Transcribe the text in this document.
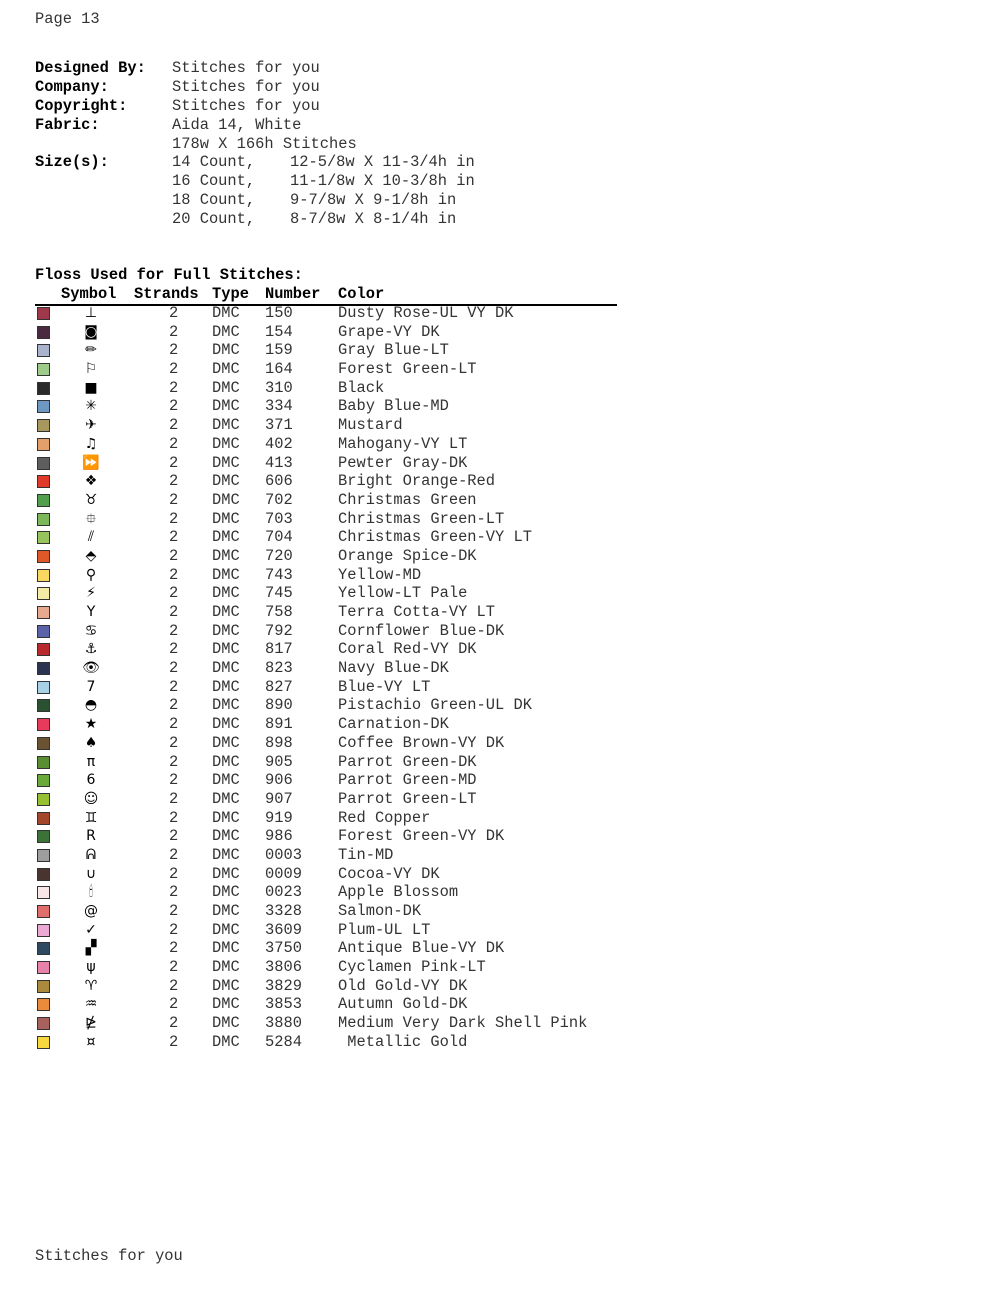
Page 13
Designed By: Stitches for you
Company:	Stitches for you
Copyright:	Stitches for you
Fabric:	Aida 14, White
178w X 166h Stitches
Size(s):	14 Count, 12-5/8w X 11-3/4h in
16 Count, 11-1/8w X 10-3/8h in
18 Count, 9-7/8w X 9-1/8h in
20 Count, 8-7/8w X 8-1/4h in
Floss Used for Full Stitches:
Symbol Strands Type Number Color
⊥	2 DMC 150	Dusty Rose-UL VY DK
◙	2 DMC 154	Grape-VY DK
✏	2 DMC 159	Gray Blue-LT
⚐	2 DMC 164	Forest Green-LT
■	2 DMC 310	Black
✳	2 DMC 334	Baby Blue-MD
✈	2 DMC 371	Mustard
♫	2 DMC 402	Mahogany-VY LT
⏩	2 DMC 413	Pewter Gray-DK
❖	2 DMC 606	Bright Orange-Red
♉	2 DMC 702	Christmas Green
⯐	2 DMC 703	Christmas Green-LT
⫽	2 DMC 704	Christmas Green-VY LT
⬘	2 DMC 720	Orange Spice-DK
⚲	2 DMC 743	Yellow-MD
⚡	2 DMC 745	Yellow-LT Pale
Y	2 DMC 758	Terra Cotta-VY LT
♋	2 DMC 792	Cornflower Blue-DK
⚓	2 DMC 817	Coral Red-VY DK
👁	2 DMC 823	Navy Blue-DK
7	2 DMC 827	Blue-VY LT
◓	2 DMC 890	Pistachio Green-UL DK
★	2 DMC 891	Carnation-DK
♠	2 DMC 898	Coffee Brown-VY DK
π	2 DMC 905	Parrot Green-DK
6	2 DMC 906	Parrot Green-MD
☺	2 DMC 907	Parrot Green-LT
♊	2 DMC 919	Red Copper
R	2 DMC 986	Forest Green-VY DK
ᕱ	2 DMC 0003 Tin-MD
∪	2 DMC 0009 Cocoa-VY DK
🕯	2 DMC 0023 Apple Blossom
@	2 DMC 3328 Salmon-DK
✓	2 DMC 3609 Plum-UL LT
▞	2 DMC 3750 Antique Blue-VY DK
ψ	2 DMC 3806 Cyclamen Pink-LT
♈	2 DMC 3829 Old Gold-VY DK
♒	2 DMC 3853 Autumn Gold-DK
⋭	2 DMC 3880 Medium Very Dark Shell Pink
¤	2 DMC 5284 Metallic Gold
Stitches for you
